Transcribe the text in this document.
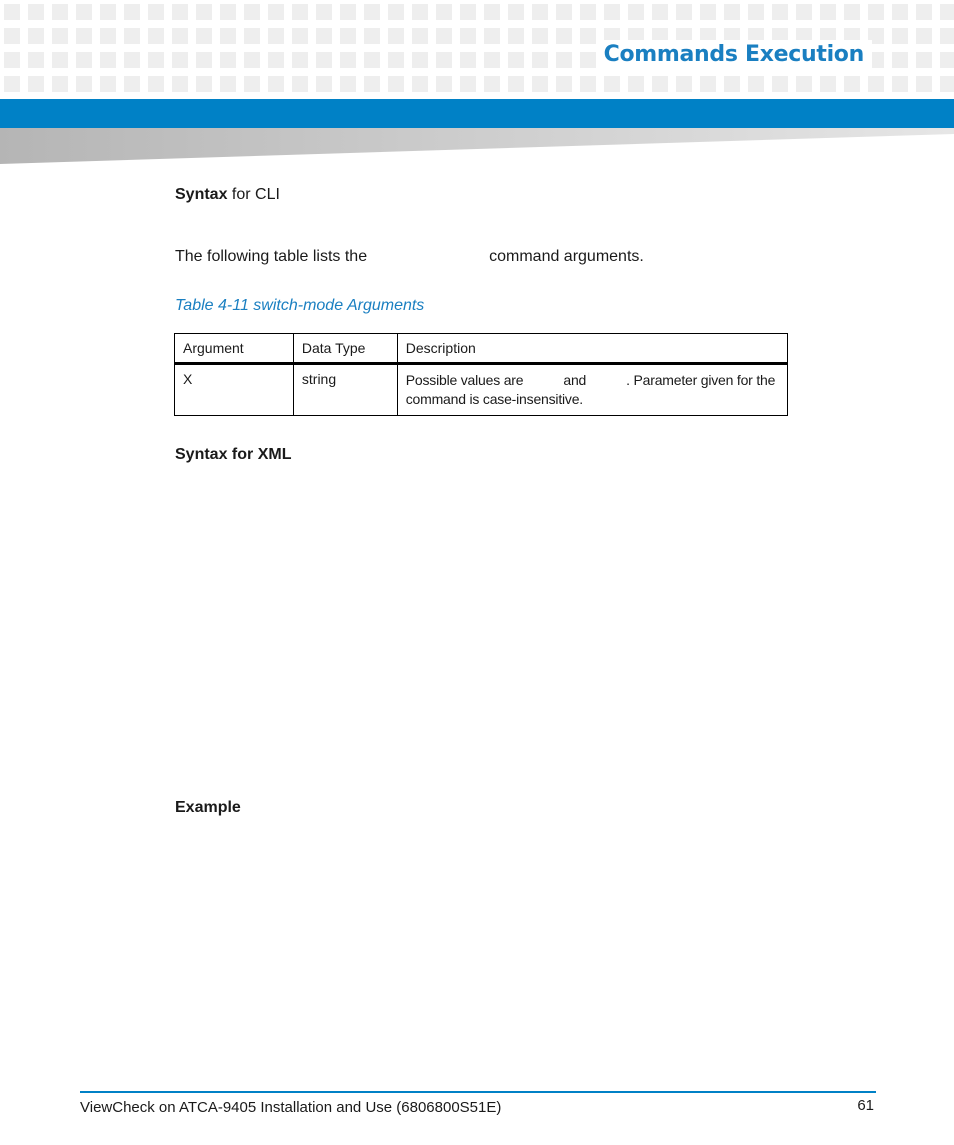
Commands Execution
Syntax for CLI
The following table lists the	command arguments.
Table 4-11 switch-mode Arguments
Argument	Data Type	Description
X	string	Possible values are and . Parameter given for the command is case-insensitive.
Syntax for XML
Example
ViewCheck on ATCA-9405 Installation and Use (6806800S51E)	61
